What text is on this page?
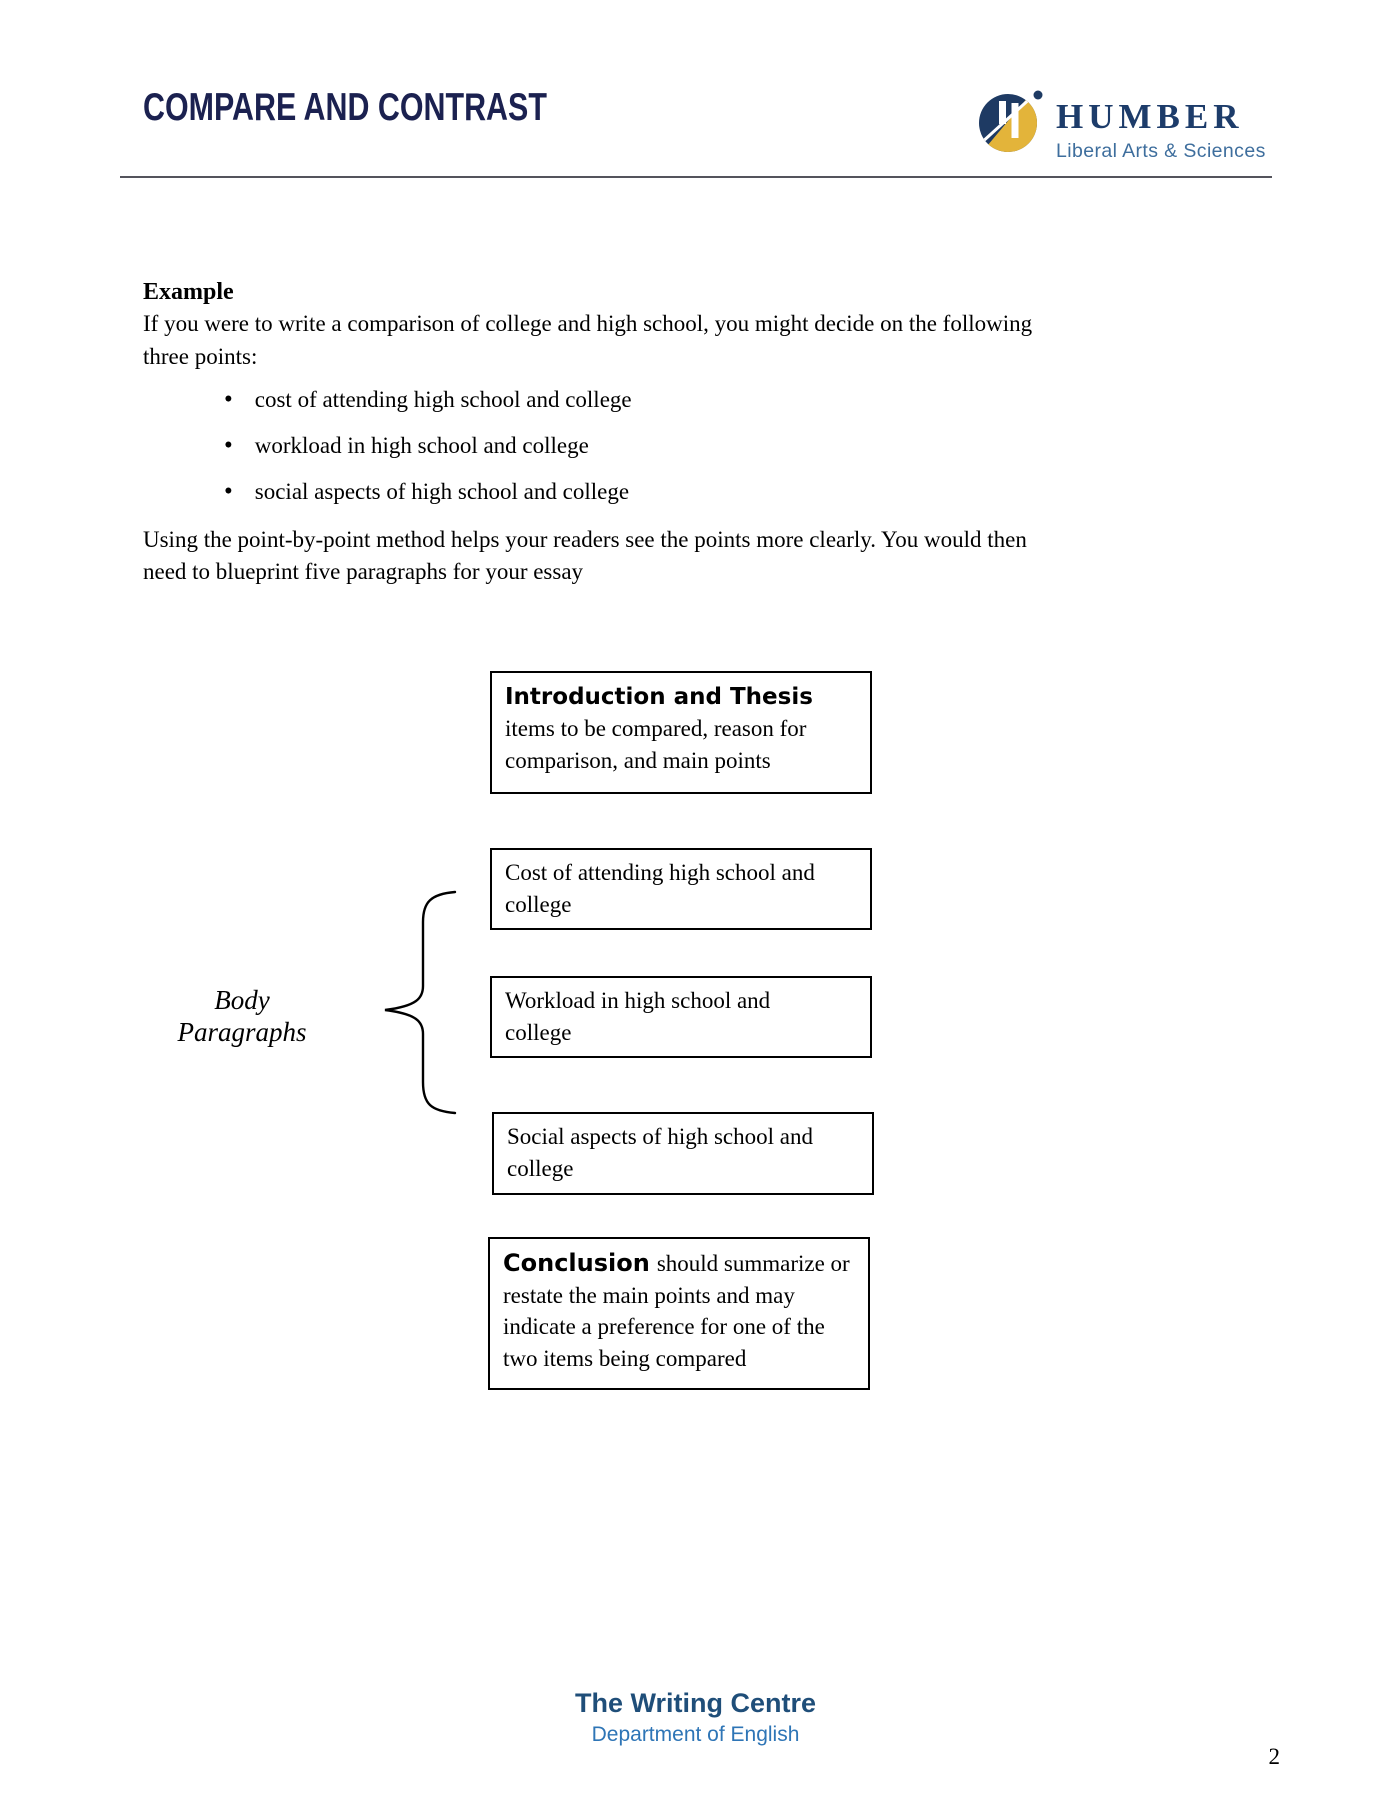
COMPARE AND CONTRAST	HUMBER
Liberal Arts & Sciences
Example
If you were to write a comparison of college and high school, you might decide on the following
three points:
• cost of attending high school and college
• workload in high school and college
• social aspects of high school and college
Using the point-by-point method helps your readers see the points more clearly. You would then
need to blueprint five paragraphs for your essay
Introduction and Thesis
items to be compared, reason for
comparison, and main points
Cost of attending high school and
college
Workload in high school and
college
Social aspects of high school and
college
Conclusion should summarize or
restate the main points and may
indicate a preference for one of the
two items being compared
Body
Paragraphs
The Writing Centre
Department of English
2
